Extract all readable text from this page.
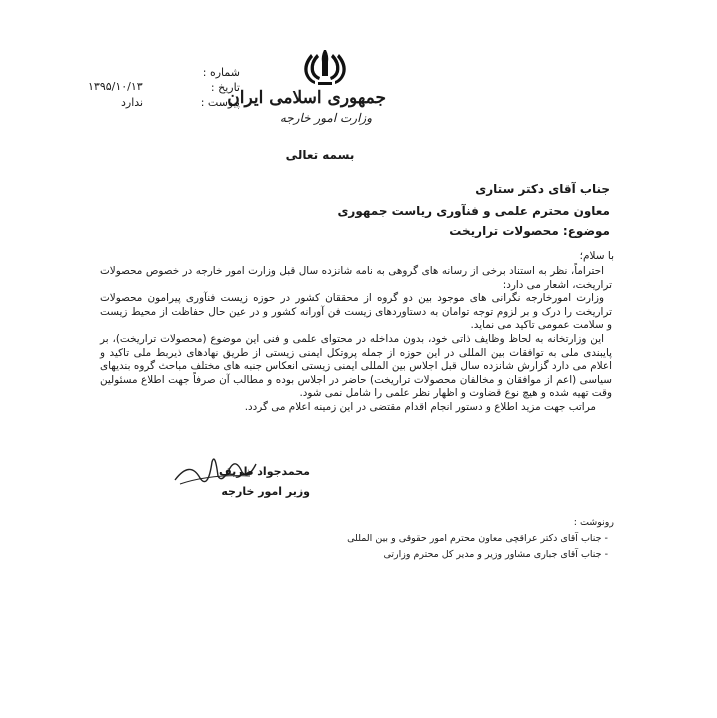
شماره :
تاریخ :
۱۳۹۵/۱۰/۱۳
پیوست :
ندارد	جمهوری اسلامی ایران
وزارت امور خارجه
بسمه تعالی
جناب آقای دکتر ستاری
معاون محترم علمی و فنآوری ریاست جمهوری
موضوع: محصولات تراریخت
با سلام؛

احتراماً، نظر به استناد برخی از رسانه های گروهی به نامه شانزده سال قبل وزارت امور خارجه در خصوص محصولات تراریخت، اشعار می دارد:

وزارت امورخارجه نگرانی های موجود بین دو گروه از محققان کشور در حوزه زیست فنآوری پیرامون محصولات تراریخت را درک و بر لزوم توجه توامان به دستاوردهای زیست فن آورانه کشور و در عین حال حفاظت از محیط زیست و سلامت عمومی تاکید می نماید.

این وزارتخانه به لحاظ وظایف ذاتی خود، بدون مداخله در محتوای علمی و فنی این موضوع (محصولات تراریخت)، بر پایبندی ملی به توافقات بین المللی در این حوزه از جمله پروتکل ایمنی زیستی از طریق نهادهای ذیربط ملی تاکید و اعلام می دارد گزارش شانزده سال قبل اجلاس بین المللی ایمنی زیستی انعکاس جنبه های مختلف مباحث گروه بندیهای سیاسی (اعم از موافقان و مخالفان محصولات تراریخت) حاضر در اجلاس بوده و مطالب آن صرفاً جهت اطلاع مسئولین وقت تهیه شده و هیچ نوع قضاوت و اظهار نظر علمی را شامل نمی شود.

مراتب جهت مزید اطلاع و دستور انجام اقدام مقتضی در این زمینه اعلام می گردد.

محمدجواد ظریف
وزیر امور خارجه
رونوشت :
- جناب آقای دکتر عراقچی معاون محترم امور حقوقی و بین المللی
- جناب آقای جباری مشاور وزیر و مدیر کل محترم وزارتی
